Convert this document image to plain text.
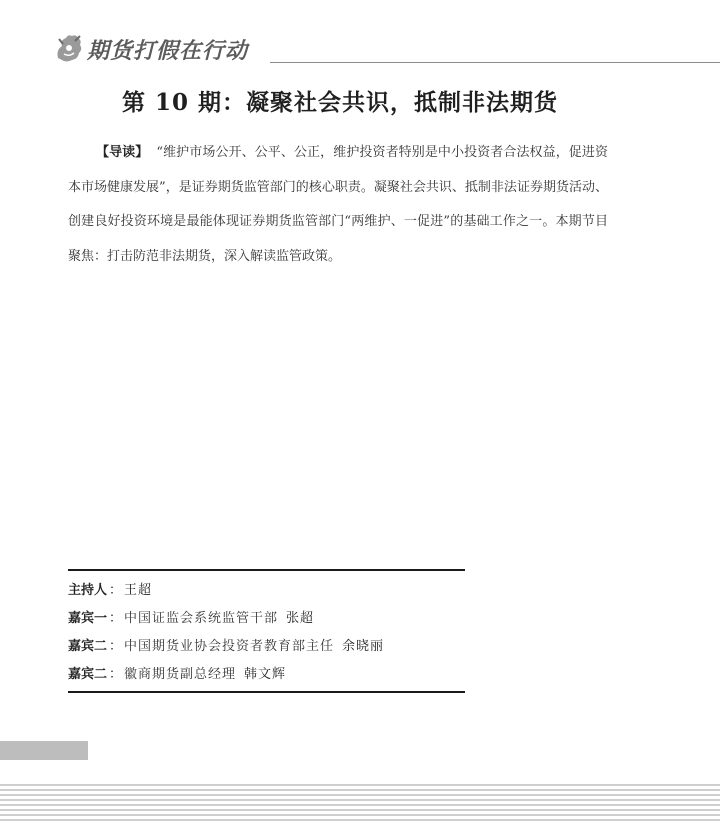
期货打假在行动
第 10 期：凝聚社会共识，抵制非法期货

【导读】 “维护市场公开、公平、公正，维护投资者特别是中小投资者合法权益，促进资本市场健康发展”，是证券期货监管部门的核心职责。凝聚社会共识、抵制非法证券期货活动、创建良好投资环境是最能体现证券期货监管部门“两维护、一促进”的基础工作之一。本期节目聚焦：打击防范非法期货，深入解读监管政策。

主持人 ： 王超
嘉宾一 ： 中国证监会系统监管干部 张超
嘉宾二 ： 中国期货业协会投资者教育部主任 余晓丽
嘉宾二 ： 徽商期货副总经理 韩文辉
